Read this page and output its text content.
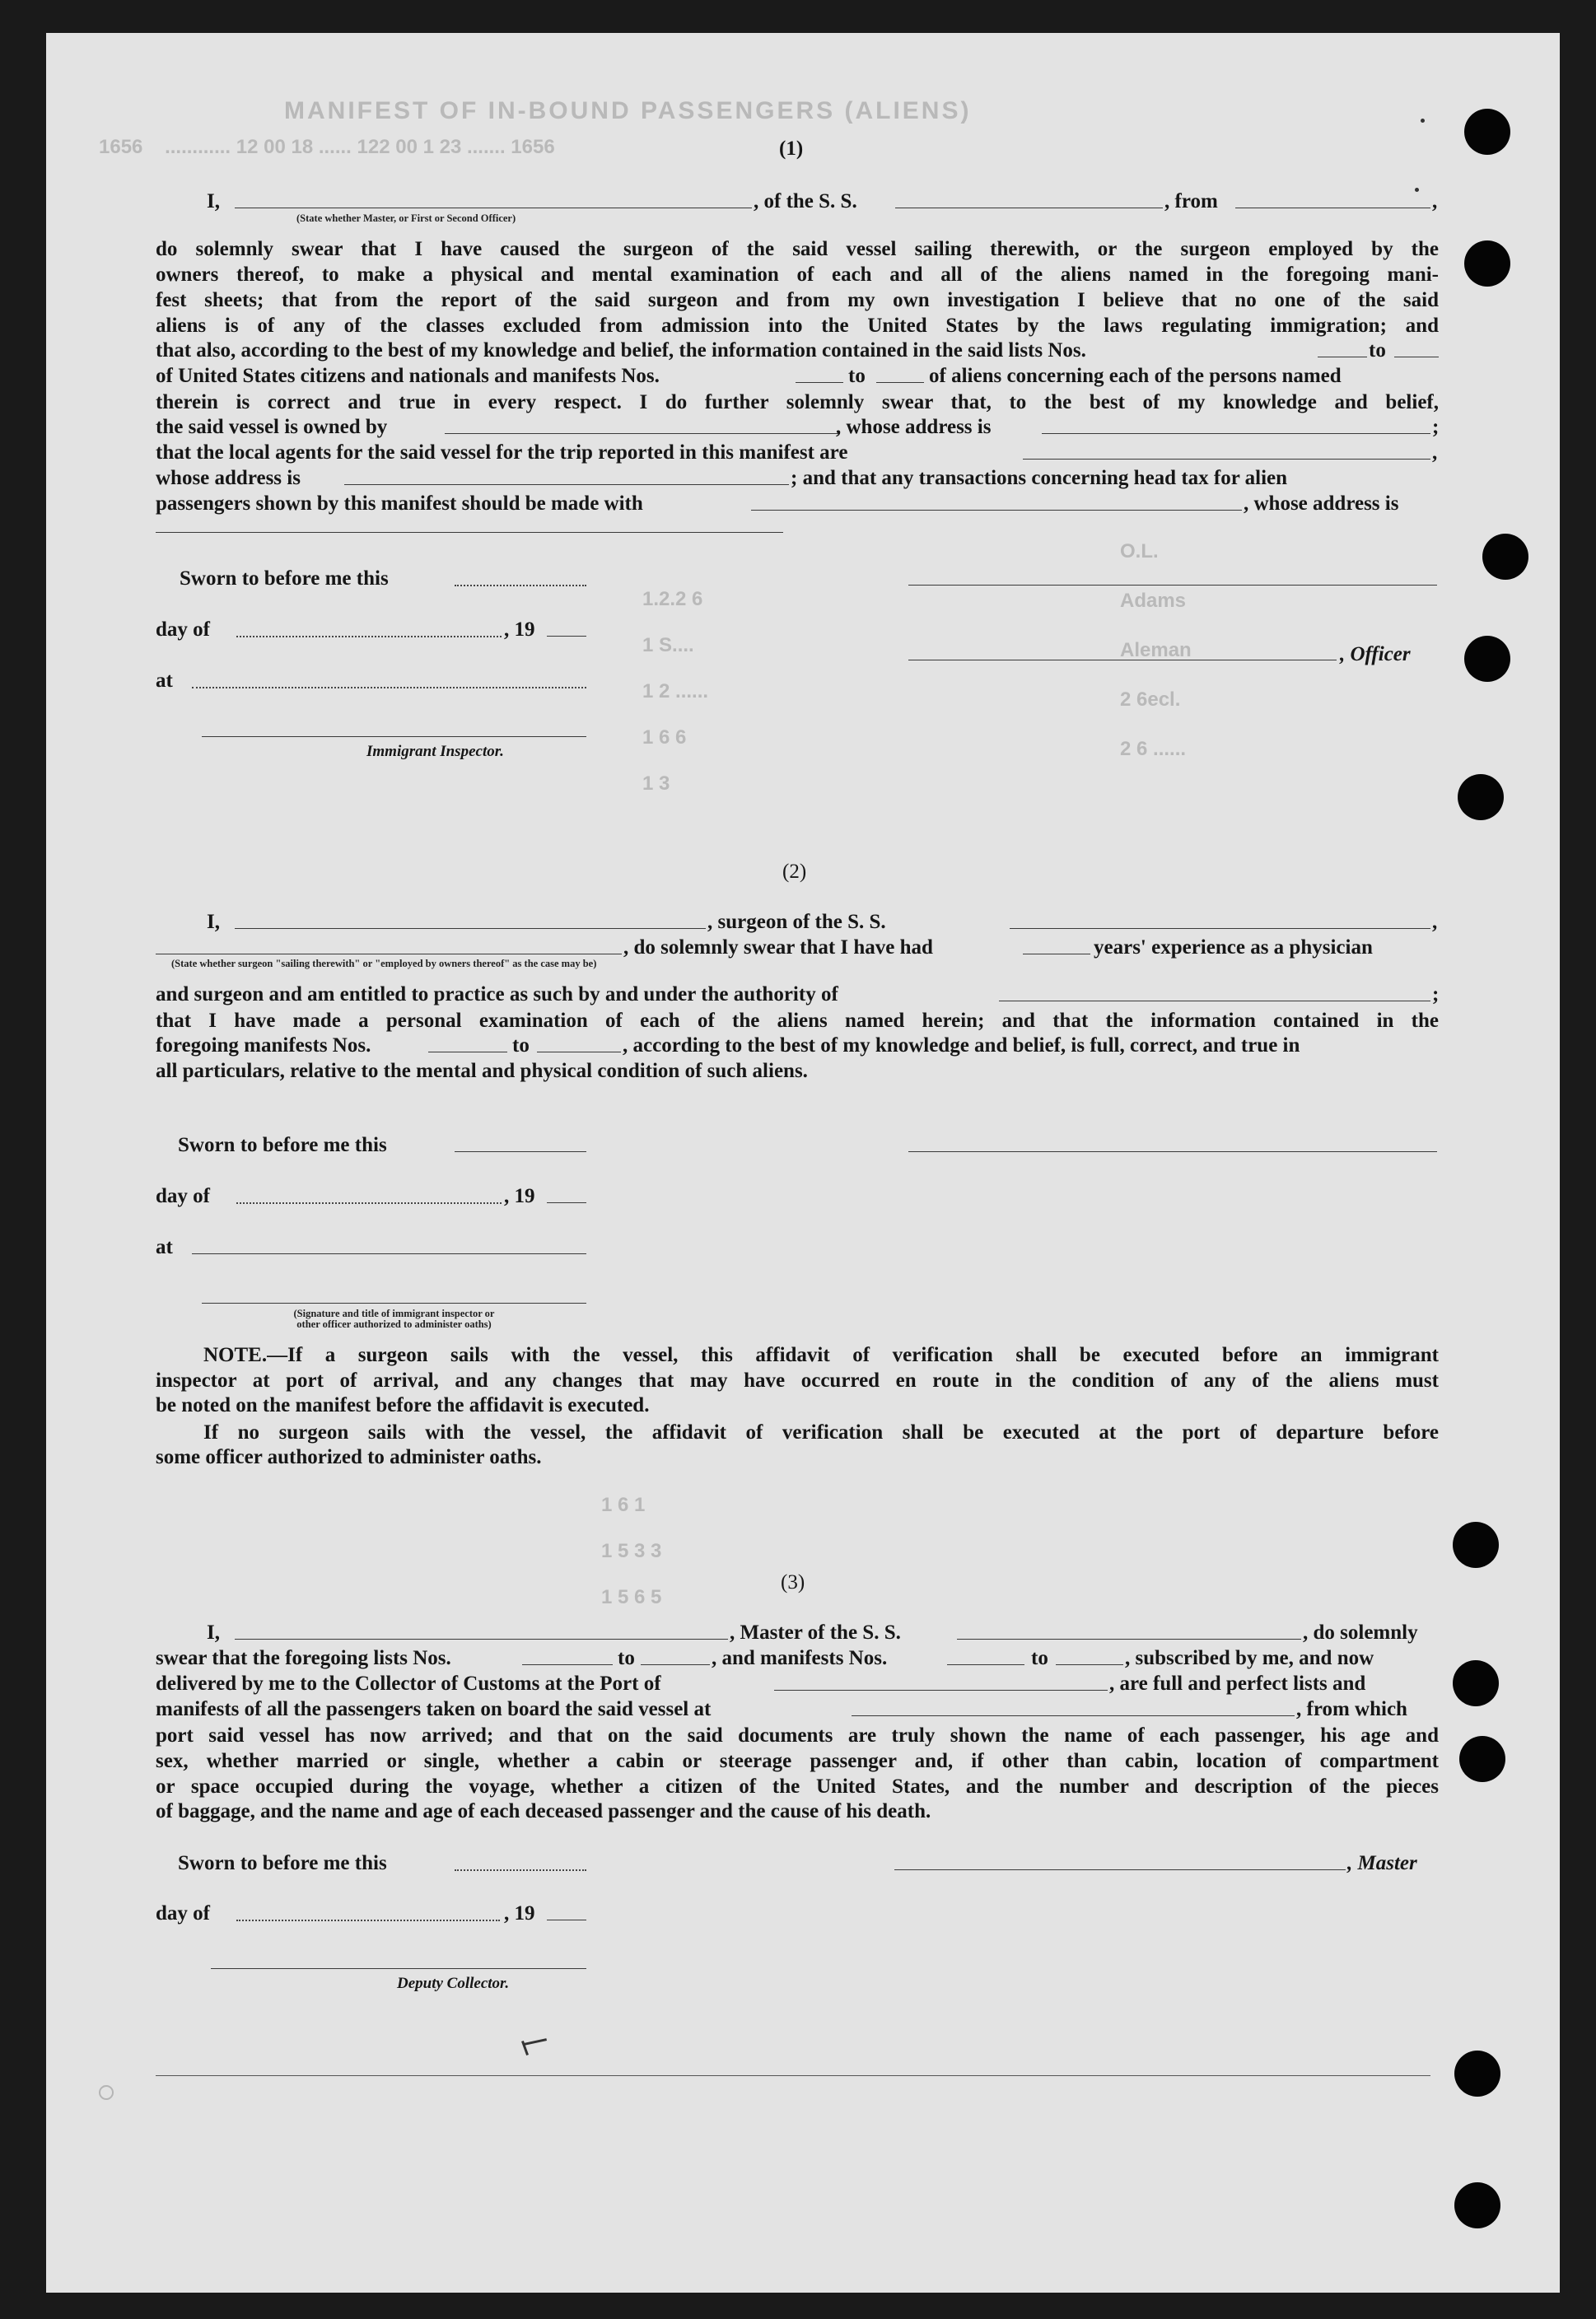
MANIFEST OF IN-BOUND PASSENGERS (ALIENS)
1656    ............ 12 00 18 ...... 122 00 1 23 ....... 1656
O.L.
Adams
Aleman
2 6ecl.
2 6 ......
1.2.2 6
1 S....
1 2 ......
1 6 6
1 3
1 6 1
1 5 3 3
1 5 6 5
(1)
I,	, of the S. S.	, from	,
(State whether Master, or First or Second Officer)
do solemnly swear that I have caused the surgeon of the said vessel sailing therewith, or the surgeon employed by the
owners thereof, to make a physical and mental examination of each and all of the aliens named in the foregoing mani-
fest sheets; that from the report of the said surgeon and from my own investigation I believe that no one of the said
aliens is of any of the classes excluded from admission into the United States by the laws regulating immigration; and
that also, according to the best of my knowledge and belief, the information contained in the said lists Nos.	to
of United States citizens and nationals and manifests Nos.	to	of aliens concerning each of the persons named
therein is correct and true in every respect. I do further solemnly swear that, to the best of my knowledge and belief,
the said vessel is owned by	, whose address is	;
that the local agents for the said vessel for the trip reported in this manifest are	,
whose address is	; and that any transactions concerning head tax for alien
passengers shown by this manifest should be made with	, whose address is
Sworn to before me this
day of	, 19
, Officer
at
Immigrant Inspector.
(2)
I,	, surgeon of the S. S.	,
, do solemnly swear that I have had	years' experience as a physician
(State whether surgeon "sailing therewith" or "employed by owners thereof" as the case may be)
and surgeon and am entitled to practice as such by and under the authority of	;
that I have made a personal examination of each of the aliens named herein; and that the information contained in the
foregoing manifests Nos.	to	, according to the best of my knowledge and belief, is full, correct, and true in
all particulars, relative to the mental and physical condition of such aliens.
Sworn to before me this
day of	, 19
at
(Signature and title of immigrant inspector or
other officer authorized to administer oaths)
NOTE.—If a surgeon sails with the vessel, this affidavit of verification shall be executed before an immigrant
inspector at port of arrival, and any changes that may have occurred en route in the condition of any of the aliens must
be noted on the manifest before the affidavit is executed.
If no surgeon sails with the vessel, the affidavit of verification shall be executed at the port of departure before
some officer authorized to administer oaths.
(3)
I,	, Master of the S. S.	, do solemnly
swear that the foregoing lists Nos.	to	, and manifests Nos.	to	, subscribed by me, and now
delivered by me to the Collector of Customs at the Port of	, are full and perfect lists and
manifests of all the passengers taken on board the said vessel at	, from which
port said vessel has now arrived; and that on the said documents are truly shown the name of each passenger, his age and
sex, whether married or single, whether a cabin or steerage passenger and, if other than cabin, location of compartment
or space occupied during the voyage, whether a citizen of the United States, and the number and description of the pieces
of baggage, and the name and age of each deceased passenger and the cause of his death.
Sworn to before me this	, Master
day of	, 19
Deputy Collector.
